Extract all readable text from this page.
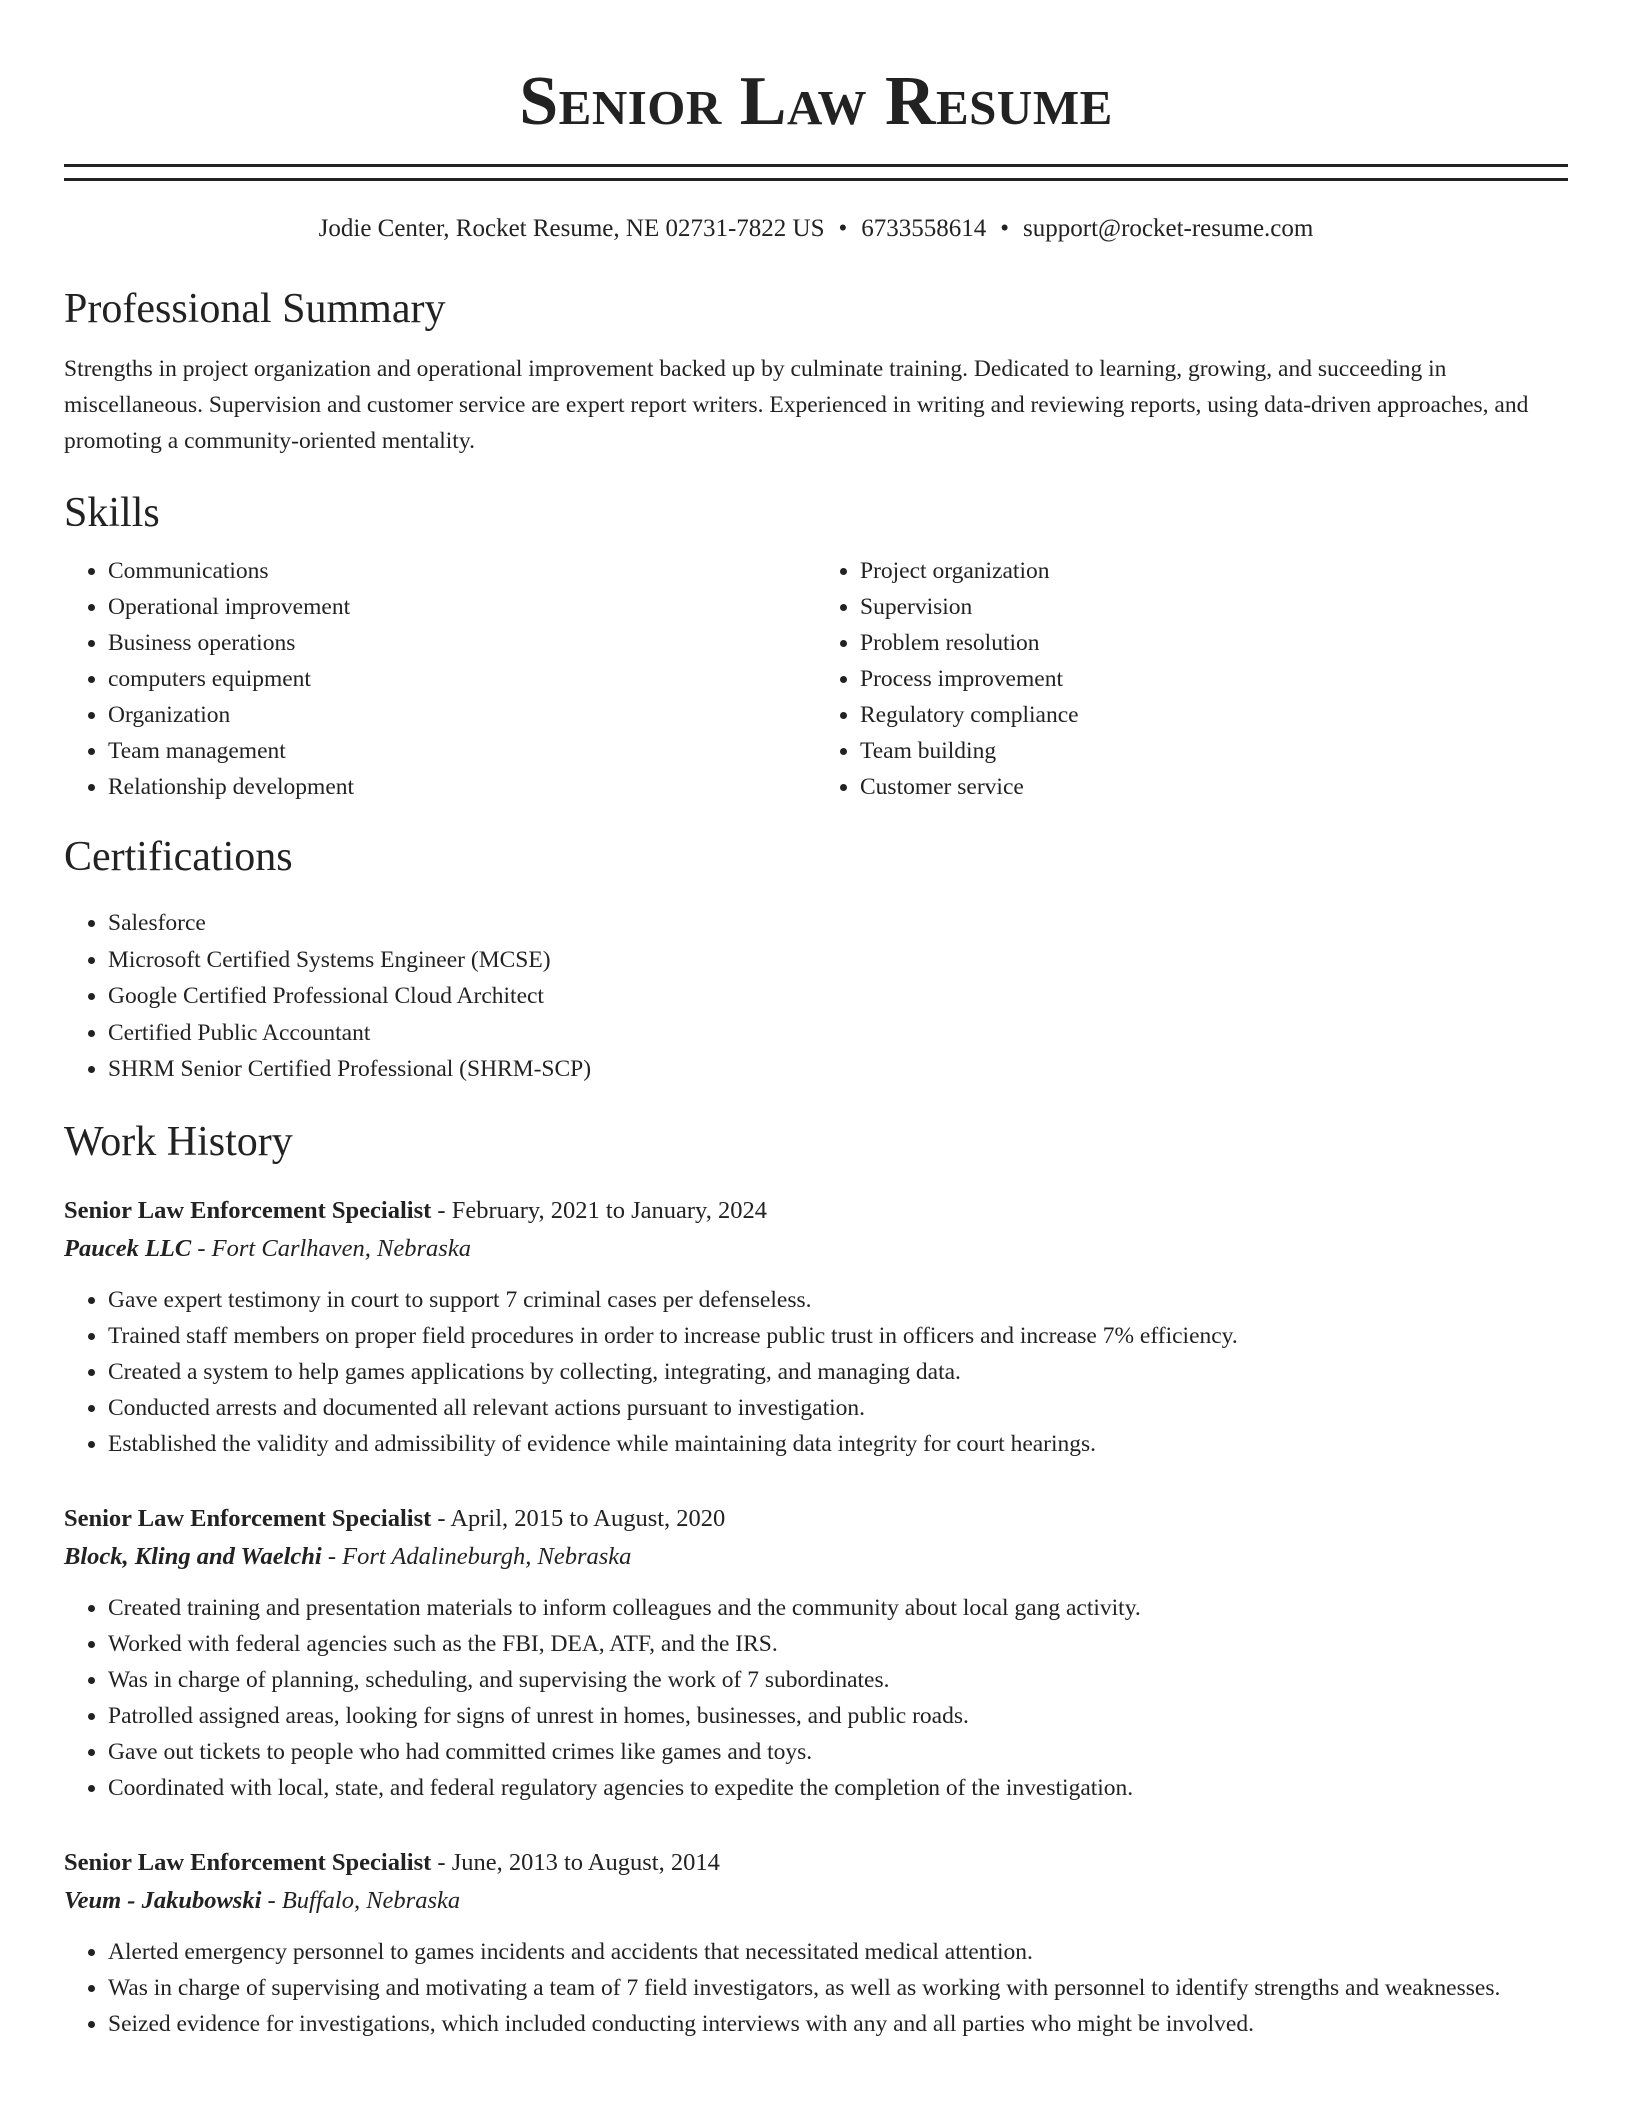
Senior Law Resume
Jodie Center, Rocket Resume, NE 02731-7822 US • 6733558614 • support@rocket-resume.com
Professional Summary
Strengths in project organization and operational improvement backed up by culminate training. Dedicated to learning, growing, and succeeding in miscellaneous. Supervision and customer service are expert report writers. Experienced in writing and reviewing reports, using data-driven approaches, and promoting a community-oriented mentality.
Skills
• Communications
• Operational improvement
• Business operations
• computers equipment
• Organization
• Team management
• Relationship development
• Project organization
• Supervision
• Problem resolution
• Process improvement
• Regulatory compliance
• Team building
• Customer service
Certifications
• Salesforce
• Microsoft Certified Systems Engineer (MCSE)
• Google Certified Professional Cloud Architect
• Certified Public Accountant
• SHRM Senior Certified Professional (SHRM-SCP)
Work History
Senior Law Enforcement Specialist - February, 2021 to January, 2024
Paucek LLC - Fort Carlhaven, Nebraska
• Gave expert testimony in court to support 7 criminal cases per defenseless.
• Trained staff members on proper field procedures in order to increase public trust in officers and increase 7% efficiency.
• Created a system to help games applications by collecting, integrating, and managing data.
• Conducted arrests and documented all relevant actions pursuant to investigation.
• Established the validity and admissibility of evidence while maintaining data integrity for court hearings.
Senior Law Enforcement Specialist - April, 2015 to August, 2020
Block, Kling and Waelchi - Fort Adalineburgh, Nebraska
• Created training and presentation materials to inform colleagues and the community about local gang activity.
• Worked with federal agencies such as the FBI, DEA, ATF, and the IRS.
• Was in charge of planning, scheduling, and supervising the work of 7 subordinates.
• Patrolled assigned areas, looking for signs of unrest in homes, businesses, and public roads.
• Gave out tickets to people who had committed crimes like games and toys.
• Coordinated with local, state, and federal regulatory agencies to expedite the completion of the investigation.
Senior Law Enforcement Specialist - June, 2013 to August, 2014
Veum - Jakubowski - Buffalo, Nebraska
• Alerted emergency personnel to games incidents and accidents that necessitated medical attention.
• Was in charge of supervising and motivating a team of 7 field investigators, as well as working with personnel to identify strengths and weaknesses.
• Seized evidence for investigations, which included conducting interviews with any and all parties who might be involved.
